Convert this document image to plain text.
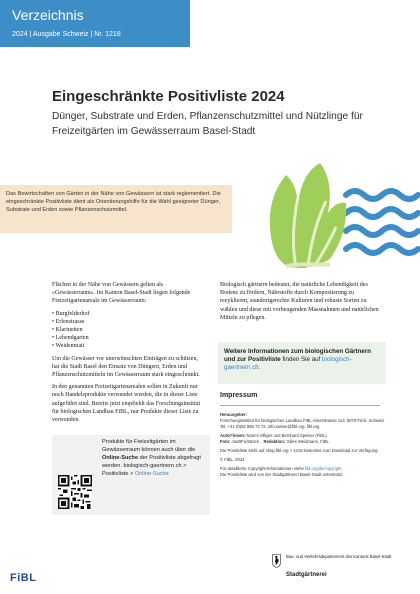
Verzeichnis
2024 | Ausgabe Schweiz | Nr. 1218
Eingeschränkte Positivliste 2024
Dünger, Substrate und Erden, Pflanzenschutzmittel und Nützlinge für Freizeitgärten im Gewässerraum Basel-Stadt
Das Bewirtschaften von Gärten in der Nähe von Gewässern ist stark reglementiert. Die eingeschränkte Positivliste dient als Orientierungshilfe für die Wahl geeigneter Dünger, Substrate und Erden sowie Pflanzenschutzmittel.

Flächen in der Nähe von Gewässern gelten als «Gewässerraum». Im Kanton Basel-Stadt liegen folgende Freizeitgartenareale im Gewässerraum:

• Burgfelderhof
• Erlenstrasse
• Klarinetten
• Lebendgarten
• Weidenmatt

Um die Gewässer vor unerwünschten Einträgen zu schützen, hat die Stadt Basel den Einsatz von Düngern, Erden und Pflanzenschutzmitteln im Gewässerraum stark eingeschränkt.

In den genannten Freizeitgartenarealen sollen in Zukunft nur noch Handelsprodukte verwendet werden, die in dieser Liste aufgeführt sind. Bereits jetzt empfiehlt das Forschungsinstitut für biologischen Landbau FiBL, nur Produkte dieser Liste zu verwenden.

Biologisch gärtnern bedeutet, die natürliche Lebendigkeit des Bodens zu fördern, Nährstoffe durch Kompostierung zu rezyklieren, standortgerechte Kulturen und robuste Sorten zu wählen und diese mit vorbeugenden Massnahmen und natürlichen Mitteln zu pflegen.

Weitere Informationen zum biologischen Gärtnern und zur Positivliste finden Sie auf biologisch-gaertnern.ch.
Impressum
Herausgeber:
Forschungsinstitut für biologischen Landbau FiBL Ackerstrasse 113, 5070 Frick, Schweiz Tel. +41 (0)62 865 72 72, info.suisse@fibl.org, fibl.org
Autor*innen: Noemi Villiger und Bernhard Speiser (FiBL)
Foto: JoeBFix/Istock Redaktion: Gilles Weidmann, FiBL
Die Positivliste steht auf shop.fibl.org > 1218 kostenlos zum Download zur Verfügung.
© FiBL, 2024
Für detaillierte Copyright-Informationen siehe fibl.org/de/copyright.
Die Positivliste wird von der Stadtgärtnerei Basel-Stadt unterstützt.
Produkte für Freizeitgärten im Gewässerraum können auch über die Online-Suche der Positivliste abgefragt werden. biologisch-gaertnern.ch > Positivliste > Online-Suche
FiBL
Bau- und Verkehrsdepartement des Kantons Basel-Stadt
Stadtgärtnerei
